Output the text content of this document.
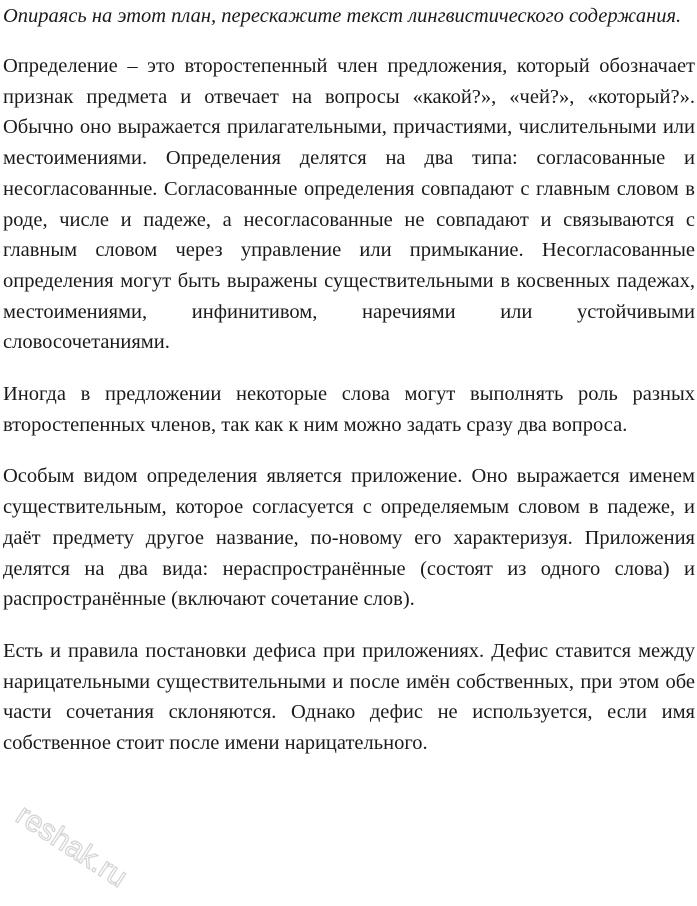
Опираясь на этот план, перескажите текст лингвистического содержания.

Определение – это второстепенный член предложения, который обозначает признак предмета и отвечает на вопросы «какой?», «чей?», «который?». Обычно оно выражается прилагательными, причастиями, числительными или местоимениями. Определения делятся на два типа: согласованные и несогласованные. Согласованные определения совпадают с главным словом в роде, числе и падеже, а несогласованные не совпадают и связываются с главным словом через управление или примыкание. Несогласованные определения могут быть выражены существительными в косвенных падежах, местоимениями, инфинитивом, наречиями или устойчивыми словосочетаниями.

Иногда в предложении некоторые слова могут выполнять роль разных второстепенных членов, так как к ним можно задать сразу два вопроса.

Особым видом определения является приложение. Оно выражается именем существительным, которое согласуется с определяемым словом в падеже, и даёт предмету другое название, по-новому его характеризуя. Приложения делятся на два вида: нераспространённые (состоят из одного слова) и распространённые (включают сочетание слов).

Есть и правила постановки дефиса при приложениях. Дефис ставится между нарицательными существительными и после имён собственных, при этом обе части сочетания склоняются. Однако дефис не используется, если имя собственное стоит после имени нарицательного.

reshak.ru
